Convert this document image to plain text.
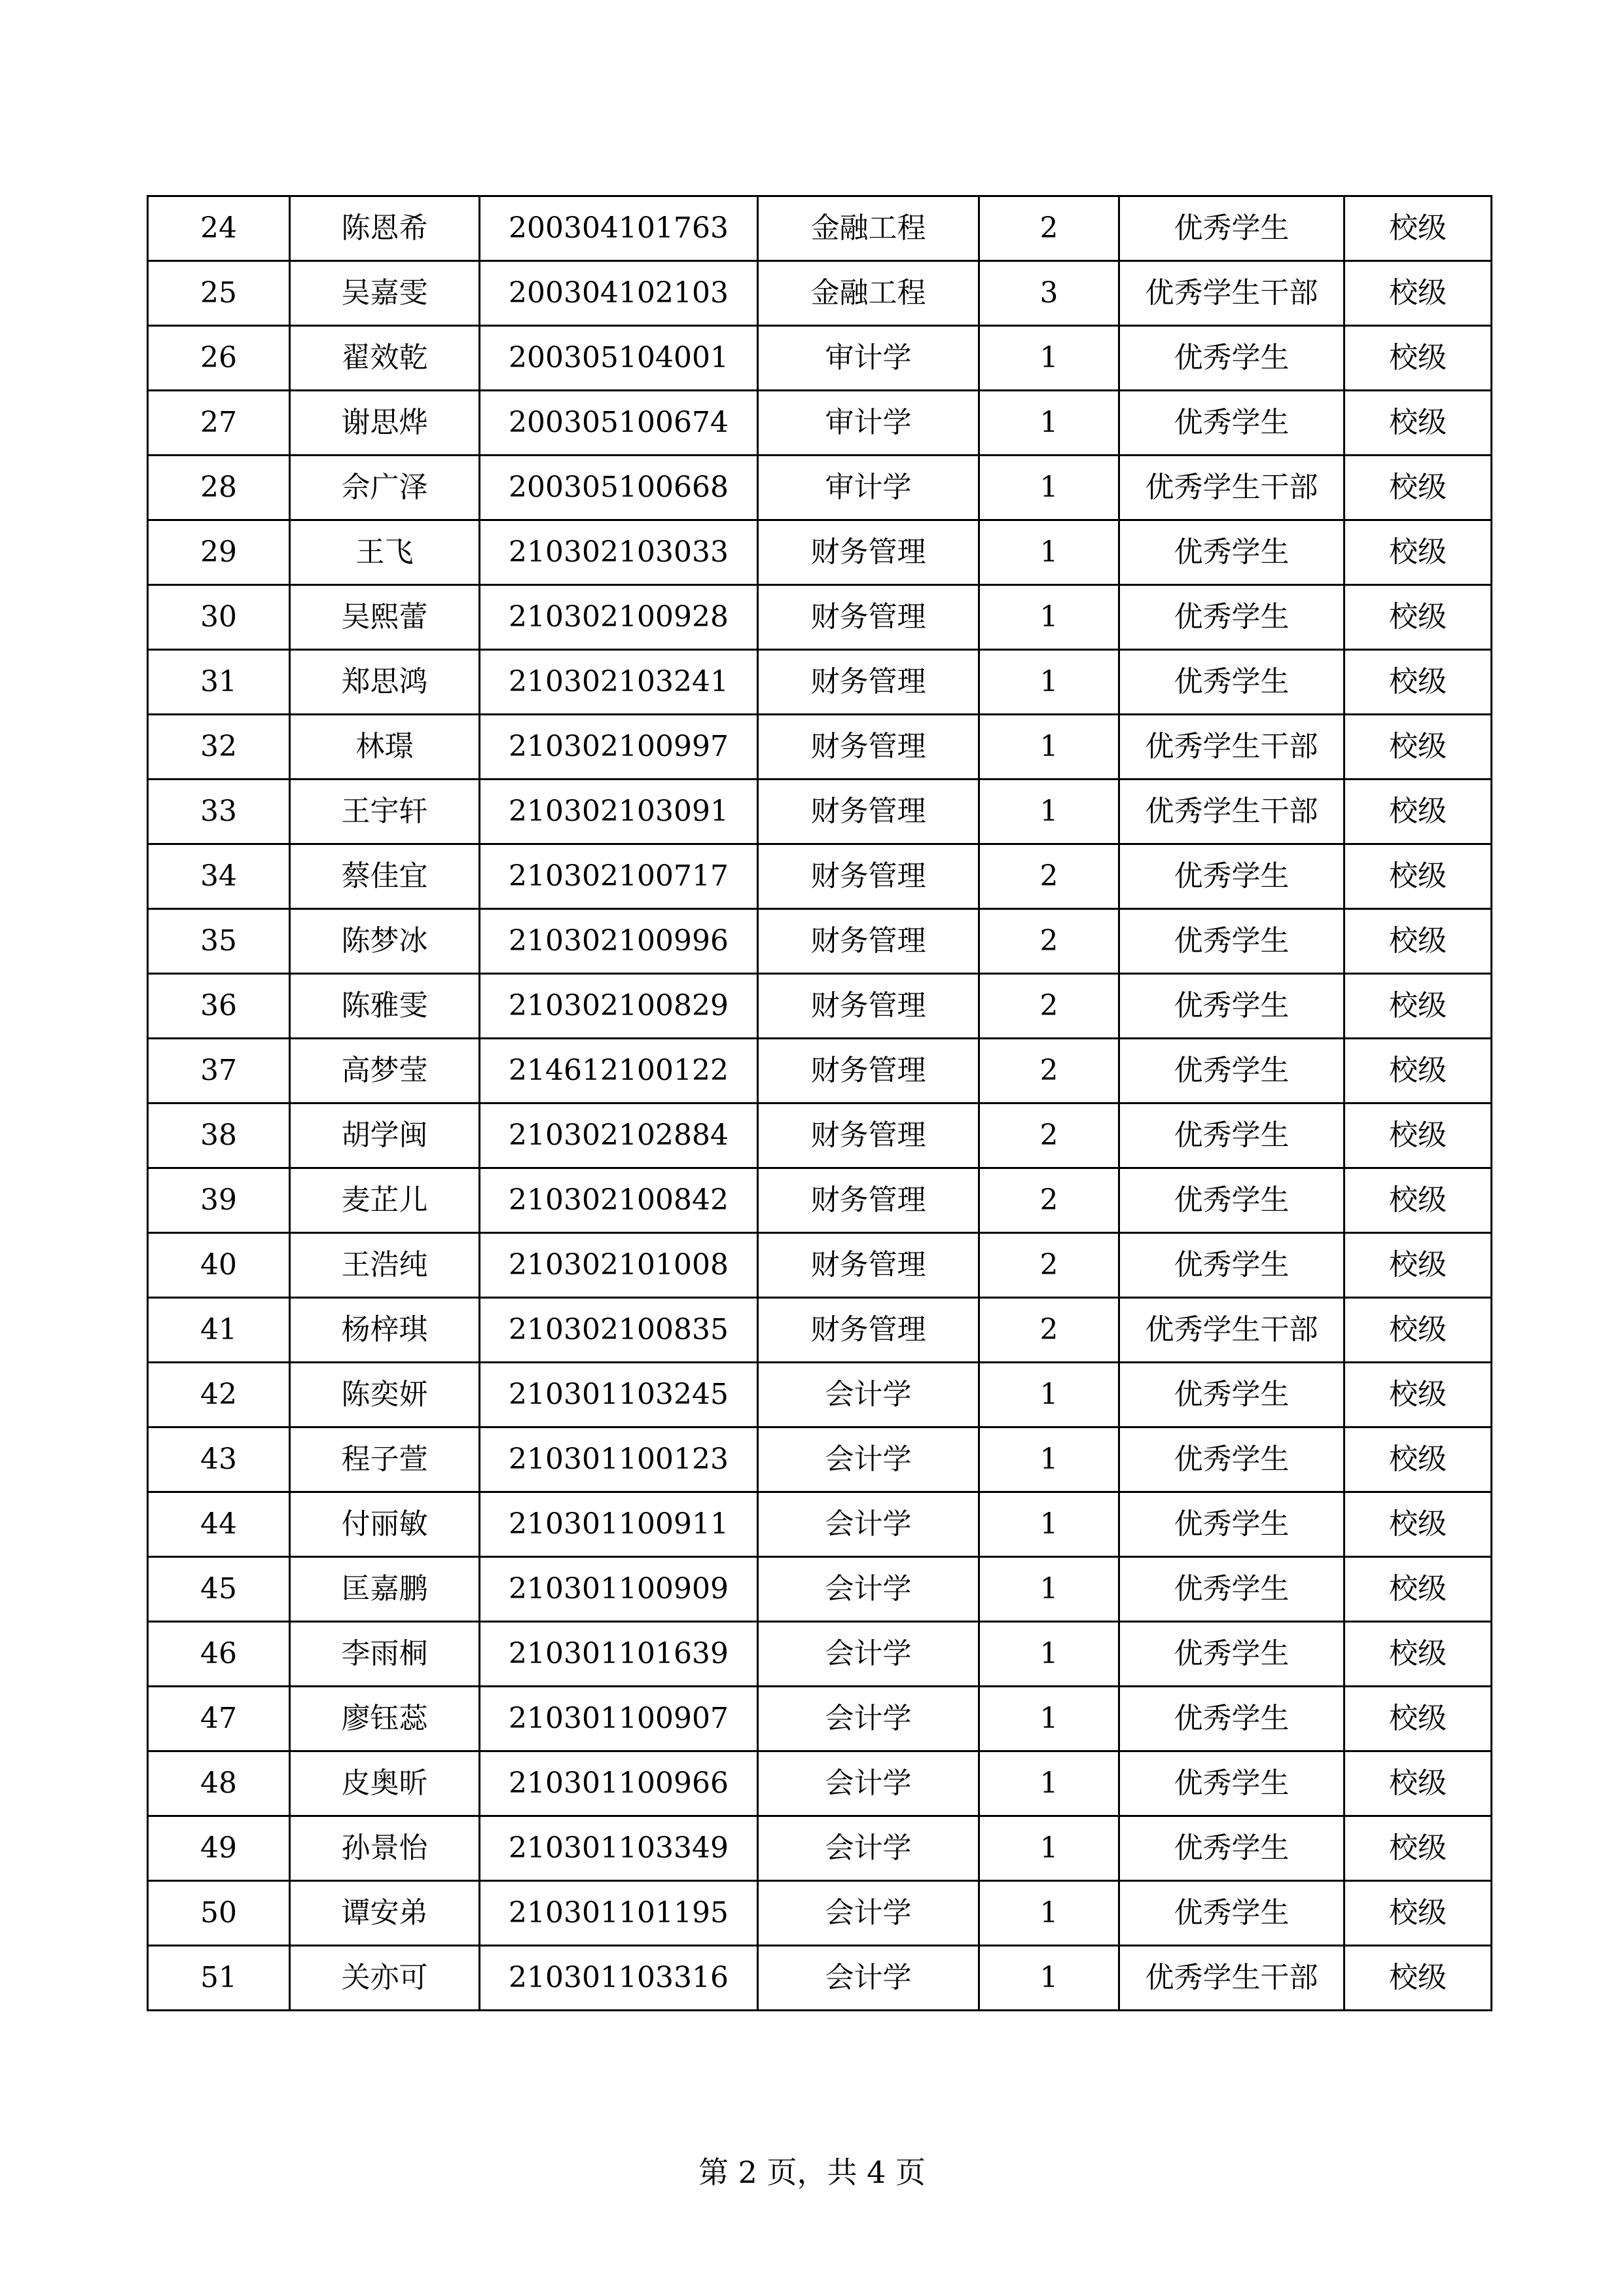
24	陈恩希	200304101763	金融工程	2	优秀学生	校级
25	吴嘉雯	200304102103	金融工程	3	优秀学生干部	校级
26	翟效乾	200305104001	审计学	1	优秀学生	校级
27	谢思烨	200305100674	审计学	1	优秀学生	校级
28	佘广泽	200305100668	审计学	1	优秀学生干部	校级
29	王飞	210302103033	财务管理	1	优秀学生	校级
30	吴熙蕾	210302100928	财务管理	1	优秀学生	校级
31	郑思鸿	210302103241	财务管理	1	优秀学生	校级
32	林璟	210302100997	财务管理	1	优秀学生干部	校级
33	王宇轩	210302103091	财务管理	1	优秀学生干部	校级
34	蔡佳宜	210302100717	财务管理	2	优秀学生	校级
35	陈梦冰	210302100996	财务管理	2	优秀学生	校级
36	陈雅雯	210302100829	财务管理	2	优秀学生	校级
37	高梦莹	214612100122	财务管理	2	优秀学生	校级
38	胡学闽	210302102884	财务管理	2	优秀学生	校级
39	麦芷儿	210302100842	财务管理	2	优秀学生	校级
40	王浩纯	210302101008	财务管理	2	优秀学生	校级
41	杨梓琪	210302100835	财务管理	2	优秀学生干部	校级
42	陈奕妍	210301103245	会计学	1	优秀学生	校级
43	程子萱	210301100123	会计学	1	优秀学生	校级
44	付丽敏	210301100911	会计学	1	优秀学生	校级
45	匡嘉鹏	210301100909	会计学	1	优秀学生	校级
46	李雨桐	210301101639	会计学	1	优秀学生	校级
47	廖钰蕊	210301100907	会计学	1	优秀学生	校级
48	皮奥昕	210301100966	会计学	1	优秀学生	校级
49	孙景怡	210301103349	会计学	1	优秀学生	校级
50	谭安弟	210301101195	会计学	1	优秀学生	校级
51	关亦可	210301103316	会计学	1	优秀学生干部	校级
第 2 页，共 4 页
